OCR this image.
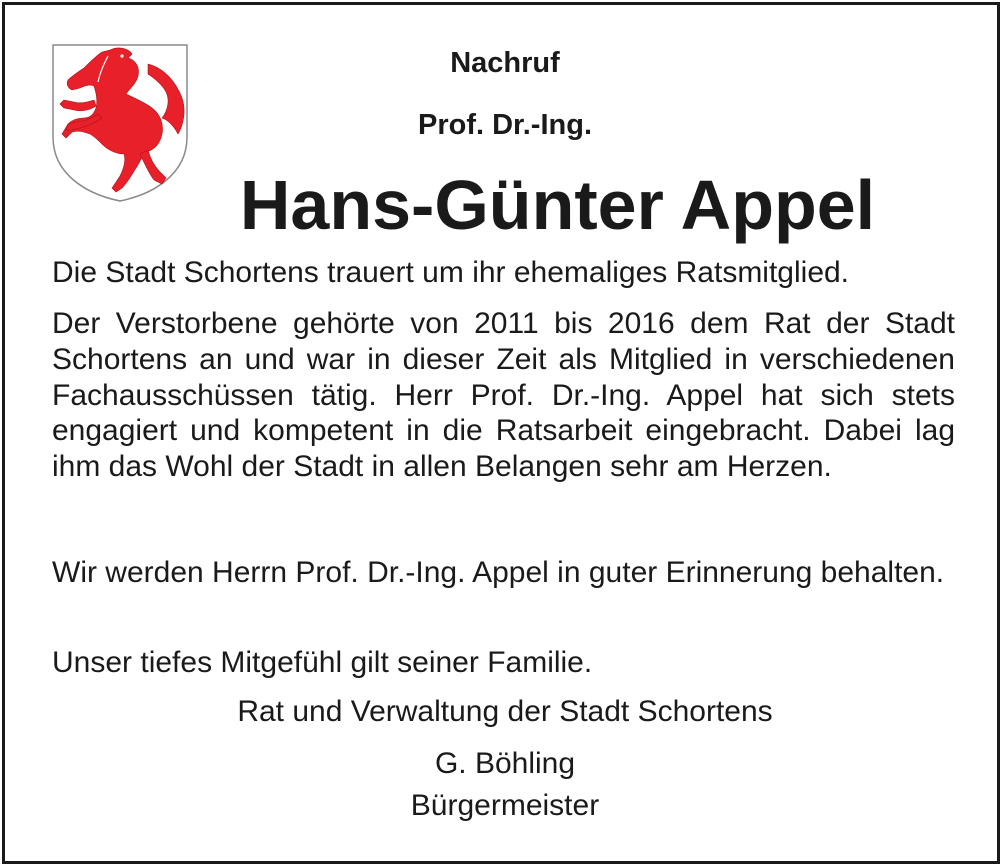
Nachruf
Prof. Dr.-Ing.
Hans-Günter Appel
Die Stadt Schortens trauert um ihr ehemaliges Ratsmitglied.
Der Verstorbene gehörte von 2011 bis 2016 dem Rat der Stadt Schortens an und war in dieser Zeit als Mitglied in verschiedenen Fachausschüssen tätig. Herr Prof. Dr.-Ing. Appel hat sich stets engagiert und kompetent in die Ratsarbeit eingebracht. Dabei lag ihm das Wohl der Stadt in allen Belangen sehr am Herzen.
Wir werden Herrn Prof. Dr.-Ing. Appel in guter Erinnerung behalten.
Unser tiefes Mitgefühl gilt seiner Familie.
Rat und Verwaltung der Stadt Schortens
G. Böhling
Bürgermeister
